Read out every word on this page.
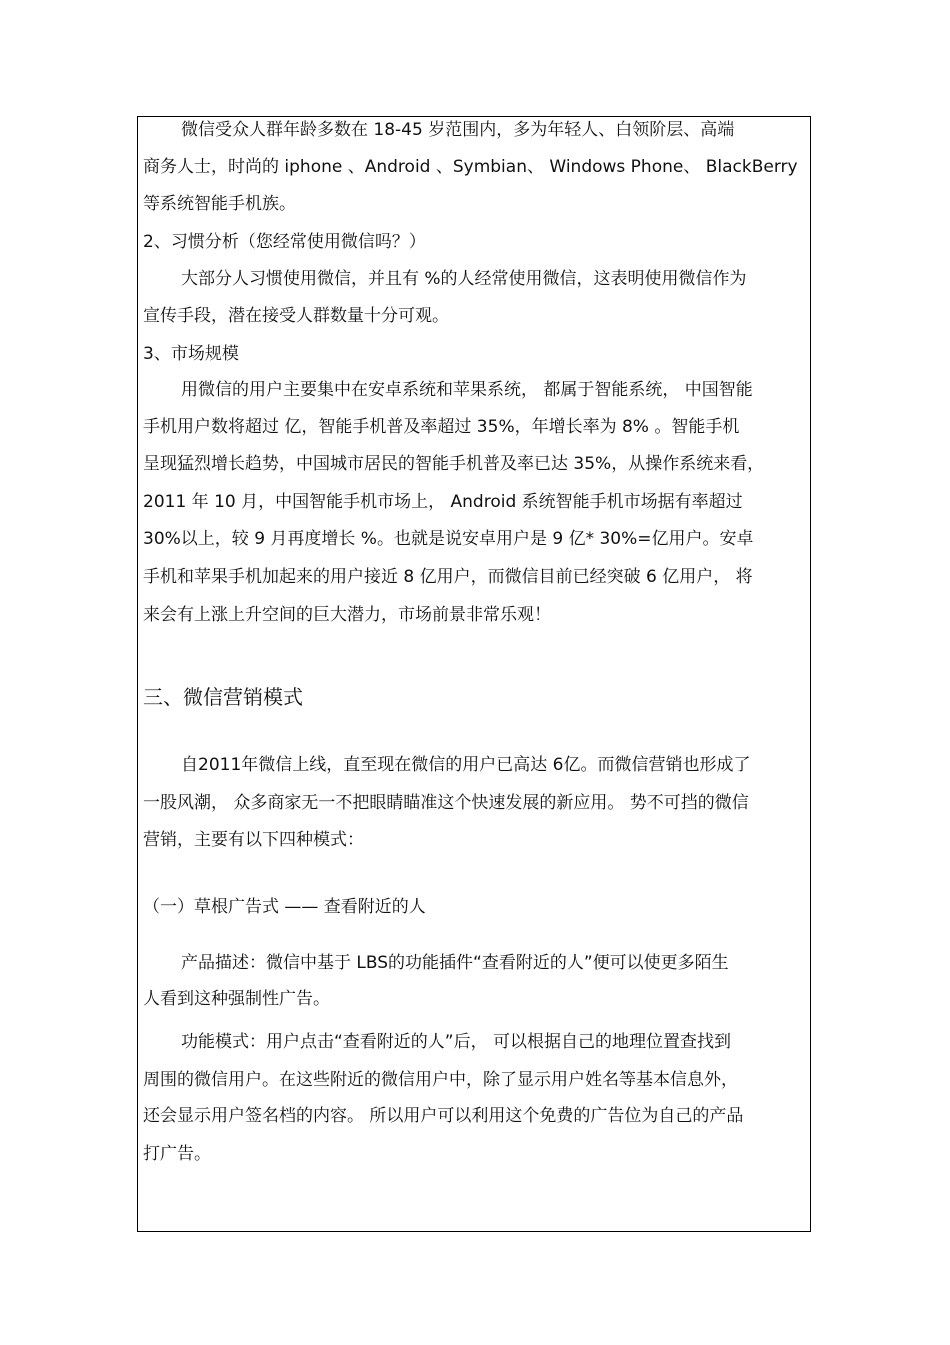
微信受众人群年龄多数在 18-45 岁范围内，多为年轻人、白领阶层、高端
商务人士，时尚的 iphone 、Android 、Symbian、 Windows Phone、 BlackBerry
等系统智能手机族。
2、习惯分析（您经常使用微信吗？）
大部分人习惯使用微信，并且有 %的人经常使用微信，这表明使用微信作为
宣传手段，潜在接受人群数量十分可观。
3、市场规模
用微信的用户主要集中在安卓系统和苹果系统， 都属于智能系统， 中国智能
手机用户数将超过 亿，智能手机普及率超过 35%，年增长率为 8% 。智能手机
呈现猛烈增长趋势，中国城市居民的智能手机普及率已达 35%，从操作系统来看，
2011 年 10 月，中国智能手机市场上， Android 系统智能手机市场据有率超过
30%以上，较 9 月再度增长 %。也就是说安卓用户是 9 亿* 30%=亿用户。安卓
手机和苹果手机加起来的用户接近 8 亿用户，而微信目前已经突破 6 亿用户， 将
来会有上涨上升空间的巨大潜力，市场前景非常乐观！
三、微信营销模式
自2011年微信上线，直至现在微信的用户已高达 6亿。而微信营销也形成了
一股风潮， 众多商家无一不把眼睛瞄准这个快速发展的新应用。 势不可挡的微信
营销，主要有以下四种模式：
（一）草根广告式 —— 查看附近的人
产品描述：微信中基于 LBS的功能插件“查看附近的人”便可以使更多陌生
人看到这种强制性广告。
功能模式：用户点击“查看附近的人”后， 可以根据自己的地理位置查找到
周围的微信用户。在这些附近的微信用户中，除了显示用户姓名等基本信息外，
还会显示用户签名档的内容。 所以用户可以利用这个免费的广告位为自己的产品
打广告。
